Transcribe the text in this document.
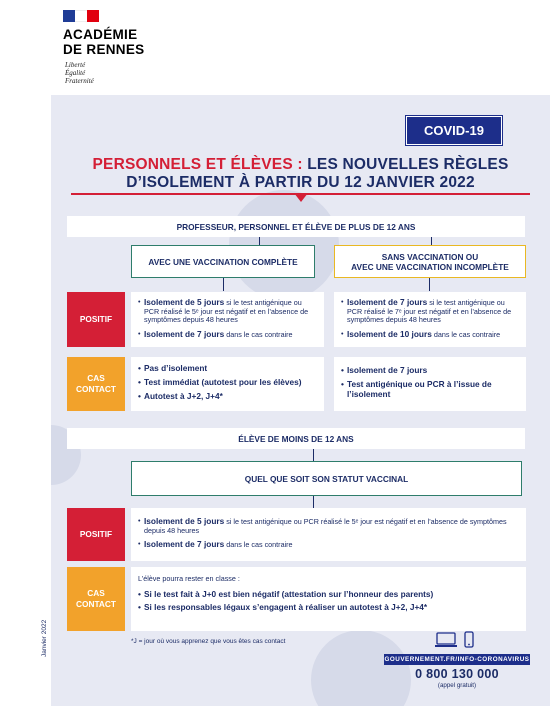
ACADÉMIE
DE RENNES
Liberté
Égalité
Fraternité
COVID-19
PERSONNELS ET ÉLÈVES : LES NOUVELLES RÈGLES
D’ISOLEMENT À PARTIR DU 12 JANVIER 2022
PROFESSEUR, PERSONNEL ET ÉLÈVE DE PLUS DE 12 ANS
AVEC UNE VACCINATION COMPLÈTE	SANS VACCINATION OU
AVEC UNE VACCINATION INCOMPLÈTE
POSITIF
• Isolement de 5 jours si le test antigénique ou PCR réalisé le 5ᵉ jour est négatif et en l’absence de symptômes depuis 48 heures
• Isolement de 7 jours dans le cas contraire
• Isolement de 7 jours si le test antigénique ou PCR réalisé le 7ᵉ jour est négatif et en l’absence de symptômes depuis 48 heures
• Isolement de 10 jours dans le cas contraire
CAS
CONTACT
• Pas d’isolement
• Test immédiat (autotest pour les élèves)
• Autotest à J+2, J+4*
• Isolement de 7 jours
• Test antigénique ou PCR à l’issue de l’isolement
ÉLÈVE DE MOINS DE 12 ANS
QUEL QUE SOIT SON STATUT VACCINAL
POSITIF
• Isolement de 5 jours si le test antigénique ou PCR réalisé le 5ᵉ jour est négatif et en l’absence de symptômes depuis 48 heures
• Isolement de 7 jours dans le cas contraire
CAS
CONTACT
L’élève pourra rester en classe :
• Si le test fait à J+0 est bien négatif (attestation sur l’honneur des parents)
• Si les responsables légaux s’engagent à réaliser un autotest à J+2, J+4*
*J = jour où vous apprenez que vous êtes cas contact
GOUVERNEMENT.FR/INFO-CORONAVIRUS
0 800 130 000
(appel gratuit)
Janvier 2022
